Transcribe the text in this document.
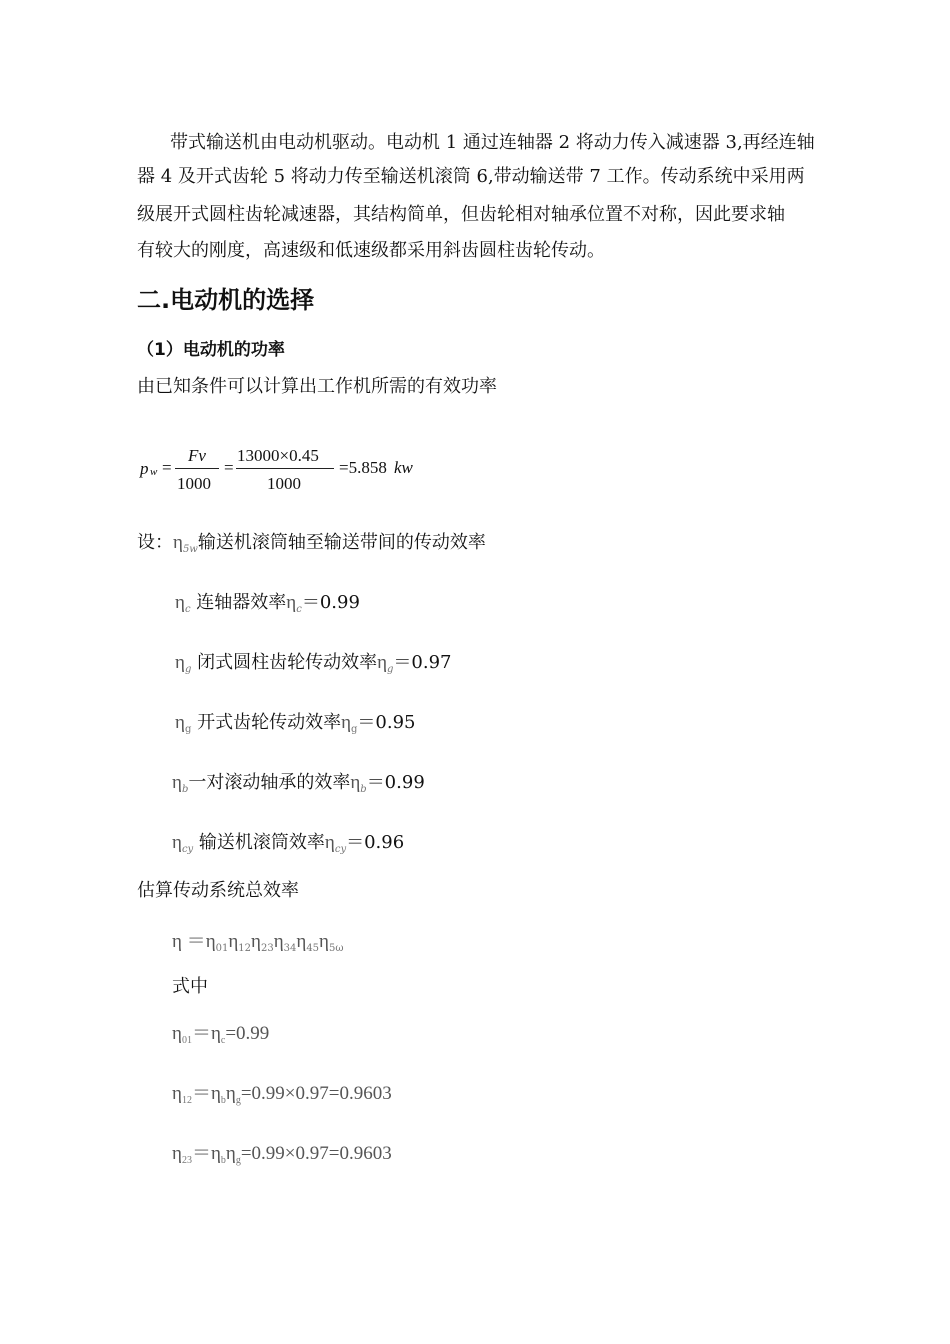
带式输送机由电动机驱动。电动机 1 通过连轴器 2 将动力传入减速器 3,再经连轴
器 4 及开式齿轮 5 将动力传至输送机滚筒 6,带动输送带 7 工作。传动系统中采用两
级展开式圆柱齿轮减速器，其结构简单，但齿轮相对轴承位置不对称，因此要求轴
有较大的刚度，高速级和低速级都采用斜齿圆柱齿轮传动。
二.电动机的选择
（1）电动机的功率
由已知条件可以计算出工作机所需的有效功率
p w =
Fv
1000
=
13000×0.45
1000
=5.858 kw
设：$\eta_{5w}$输送机滚筒轴至输送带间的传动效率
$\eta_c$ 连轴器效率$\eta_c=0.99$
$\eta_g$ 闭式圆柱齿轮传动效率$\eta_g=0.97$
$\eta_g$ 开式齿轮传动效率$\eta_g=0.95$
$\eta_b$一对滚动轴承的效率$\eta_b=0.99$
$\eta_{cy}$ 输送机滚筒效率$\eta_{cy}=0.96$
估算传动系统总效率
$\eta =\eta_{01}\eta_{12}\eta_{23}\eta_{34}\eta_{45}\eta_{5\omega}$
式中
$\eta_{01}=\eta_c=0.99$
$\eta_{12}=\eta_b\eta_g=0.99\times 0.97=0.9603$
$\eta_{23}=\eta_b\eta_g=0.99\times 0.97=0.9603$
